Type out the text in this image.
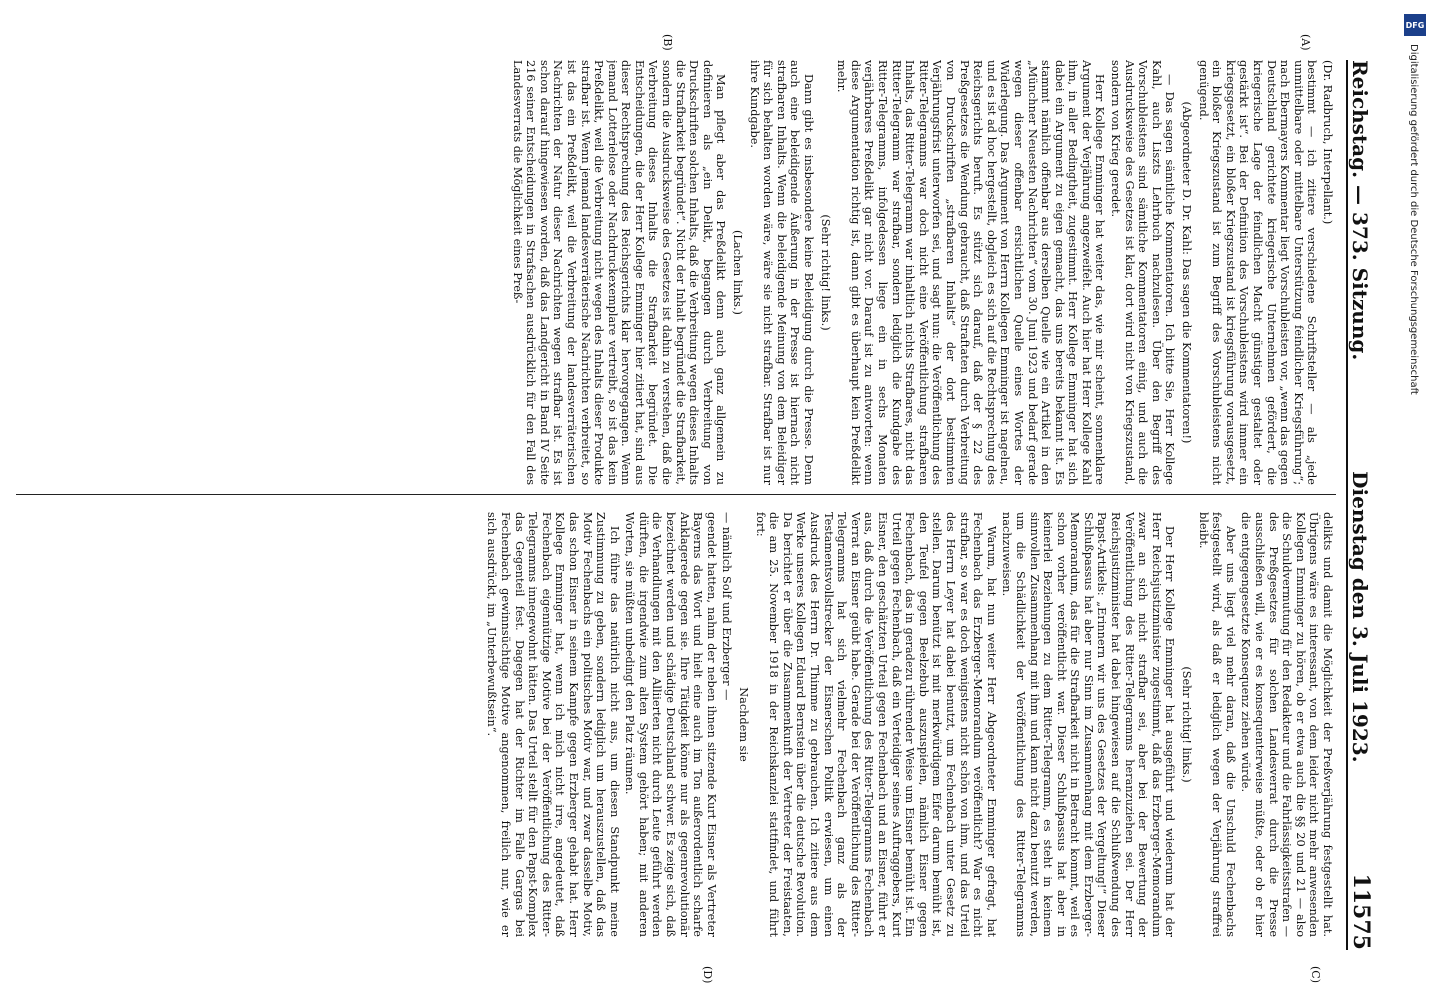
Reichstag. — 373. Sitzung.
Dienstag den 3. Juli 1923.
11575
(A)
(B)
(C)
(D)

(Dr. Radbruch, Interpellant.)

bestimmt — ich zitiere verschiedene Schriftsteller — als „jede unmittelbare oder mittelbare Unterstützung feindlicher Kriegsführung“; nach Ebermayers Kommentar liegt Vorschubleisten vor, „wenn das gegen Deutschland gerichtete kriegerische Unternehmen gefördert, die kriegerische Lage der feindlichen Macht günstiger gestaltet oder gestärkt ist“. Bei der Definition des Vorschubleistens wird immer ein kriegsgesetzt, ein bloßer Kriegszustand ist kriegsführung vorausgesetzt, ein bloßer Kriegszustand ist zum Begriff des Vorschubleistens nicht genügend.

(Abgeordneter D. Dr. Kahl: Das sagen die Kommentatoren!)

— Das sagen sämtliche Kommentatoren. Ich bitte Sie, Herr Kollege Kahl, auch Liszts Lehrbuch nachzulesen. Über den Begriff des Vorschubleistens sind sämtliche Kommentatoren einig, und auch die Ausdrucksweise des Gesetzes ist klar, dort wird nicht von Kriegszustand, sondern von Krieg geredet.

Herr Kollege Emminger hat weiter das, wie mir scheint, sonnenklare Argument der Verjährung angezweifelt. Auch hier hat Herr Kollege Kahl ihm, in aller Bedingtheit, zugestimmt. Herr Kollege Emminger hat sich dabei ein Argument zu eigen gemacht, das uns bereits bekannt ist. Es stammt nämlich offenbar aus derselben Quelle wie ein Artikel in den „Münchner Neuesten Nachrichten“ vom 30. Juni 1923 und bedarf gerade wegen dieser offenbar ersichtlichen Quelle eines Wortes der Widerlegung. Das Argument von Herrn Kollegen Emminger ist nagelneu, und es ist ad hoc hergestellt, obgleich es sich auf die Rechtsprechung des Reichsgerichts beruft. Es stützt sich darauf, daß der § 22 des Preßgesetzes die Wendung gebraucht, daß Straftaten durch Verbreitung von Druckschriften „strafbaren Inhalts“ der dort bestimmten Verjährungsfrist unterworfen sei, und sagt nun: die Veröffentlichung des Ritter-Telegramms war doch nicht eine Veröffentlichung strafbaren Inhalts, das Ritter-Telegramm war inhaltlich nichts Strafbares, nicht das Ritter-Telegramm war strafbar, sondern lediglich die Kundgabe des Ritter-Telegramms, infolgedessen liege ein in sechs Monaten verjährbares Preßdelikt gar nicht vor. Darauf ist zu antworten: wenn diese Argumentation richtig ist, dann gibt es überhaupt kein Preßdelikt mehr.

(Sehr richtig! links.)

Dann gibt es insbesondere keine Beleidigung durch die Presse. Denn auch eine beleidigende Äußerung in der Presse ist hiernach nicht strafbaren Inhalts. Wenn die beleidigende Meinung von dem Beleidiger für sich behalten worden wäre, wäre sie nicht strafbar. Strafbar ist nur ihre Kundgabe.

(Lachen links.)

Man pflegt aber das Preßdelikt denn auch ganz allgemein zu definieren als „ein Delikt, begangen durch Verbreitung von Druckschriften solchen Inhalts, daß die Verbreitung wegen dieses Inhalts die Strafbarkeit begründet“. Nicht der Inhalt begründet die Strafbarkeit, sondern die Ausdrucksweise des Gesetzes ist dahin zu verstehen, daß die Verbreitung dieses Inhalts die Strafbarkeit begründet. Die Entscheidungen, die der Herr Kollege Emminger hier zitiert hat, sind aus dieser Rechtsprechung des Reichsgerichts klar hervorgegangen. Wenn jemand Lotterielose oder Nachdruckexemplare vertreibt, so ist das kein Preßdelikt, weil die Verbreitung nicht wegen des Inhalts dieser Produkte strafbar ist. Wenn jemand landesverräterische Nachrichten verbreitet, so ist das ein Preßdelikt, weil die Verbreitung der landesverräterischen Nachrichten der Natur dieser Nachrichten wegen strafbar ist. Es ist schon darauf hingewiesen worden, daß das Landgericht in Band IV Seite 216 seiner Entscheidungen in Strafsachen ausdrücklich für den Fall des Landesverrats die Möglichkeit eines Preß-

delikts und damit die Möglichkeit der Preßverjährung festgestellt hat. Übrigens wäre es interessant, von dem leider nicht mehr anwesenden Kollegen Emminger zu hören, ob er etwa auch die §§ 20 und 21 — also die Schuldvermutung für den Redakteur und die Fahrlässigkeitsstrafen — des Preßgesetzes für solchen Landesverrat durch die Presse ausschließen will, wie er es konsequenterweise müßte, oder ob er hier die entgegengesetzte Konsequenz ziehen würde.

Aber uns liegt viel mehr daran, daß die Unschuld Fechenbachs festgestellt wird, als daß er lediglich wegen der Verjährung straffrei bleibt.

(Sehr richtig! links.)

Der Herr Kollege Emminger hat ausgeführt und wiederum hat der Herr Reichsjustizminister zugestimmt, daß das Erzberger-Memorandum zwar an sich nicht strafbar sei, aber bei der Bewertung der Veröffentlichung des Ritter-Telegramms heranzuziehen sei. Der Herr Reichsjustizminister hat dabei hingewiesen auf die Schlußwendung des Papst-Artikels: „Erinnern wir uns des Gesetzes der Vergeltung!“ Dieser Schlußpassus hat aber nur Sinn im Zusammenhang mit dem Erzberger-Memorandum, das für die Strafbarkeit nicht in Betracht kommt, weil es schon vorher veröffentlicht war. Dieser Schlußpassus hat aber in keinerlei Beziehungen zu dem Ritter-Telegramm, es steht in keinem sinnvollen Zusammenhang mit ihm und kann nicht dazu benutzt werden, um die Schädlichkeit der Veröffentlichung des Ritter-Telegramms nachzuweisen.

Warum, hat nun weiter Herr Abgeordneter Emminger gefragt, hat Fechenbach das Erzberger-Memorandum veröffentlicht? War es nicht strafbar, so war es doch wenigstens nicht schön von ihm, und das Urteil des Herrn Leyer hat dabei benutzt, um Fechenbach unter Gesetz zu stellen. Darum benützt ist mit merkwürdigem Eifer darum bemüht ist, den Teufel gegen Beelzebub auszuspielen, nämlich Eisner gegen Fechenbach, das in geradezu rührender Weise um Eisner bemüht ist. Ein Urteil gegen Fechenbach, daß ein Verteidiger seines Auftraggebers, Kurt Eisner, den geschätzten Urteil gegen Fechenbach und an Eisner, führt er aus, daß durch die Veröffentlichung des Ritter-Telegramms Fechenbach Verrat an Eisner geübt habe. Gerade bei der Veröffentlichung des Ritter-Telegramms hat sich vielmehr Fechenbach ganz als der Testamentsvollstrecker der Eisnerschen Politik erwiesen, um einen Ausdruck des Herrn Dr. Thimme zu gebrauchen. Ich zitiere aus dem Werke unseres Kollegen Eduard Bernstein über die deutsche Revolution. Da berichtet er über die Zusammenkunft der Vertreter der Freistaaten, die am 25. November 1918 in der Reichskanzlei stattfindet, und führt fort:

Nachdem sie

— nämlich Solf und Erzberger —

geendet hatten, nahm der neben ihnen sitzende Kurt Eisner als Vertreter Bayerns das Wort und hielt eine auch im Ton außerordentlich scharfe Anklagerede gegen sie. Ihre Tätigkeit könne nur als gegenrevolutionär bezeichnet werden und schädige Deutschland schwer. Es zeige sich, daß die Verhandlungen mit den Alliierten nicht durch Leute geführt werden dürften, die irgendwie zum alten System gehört haben; mit anderen Worten, sie müßten unbedingt den Platz räumen.

Ich führe das natürlich nicht aus, um diesen Standpunkt meine Zustimmung zu geben, sondern lediglich um herauszustellen, daß das Motiv Fechenbachs ein politisches Motiv war, und zwar dasselbe Motiv, das schon Eisner in seinem Kampfe gegen Erzberger gehabt hat. Herr Kollege Emminger hat, wenn ich mich nicht irre, angedeutet, daß Fechenbach eigennützige Motive bei der Veröffentlichung des Ritter-Telegramms innegewohnt hätten. Das Urteil stellt für den Papst-Komplex das Gegenteil fest. Dagegen hat der Richter im Falle Gargas bei Fechenbach gewinnsüchtige Motive angenommen, freilich nur, wie er sich ausdrückt, im „Unterbewußtsein“.

DFG
Digitalisierung gefördert durch die Deutsche Forschungsgemeinschaft
